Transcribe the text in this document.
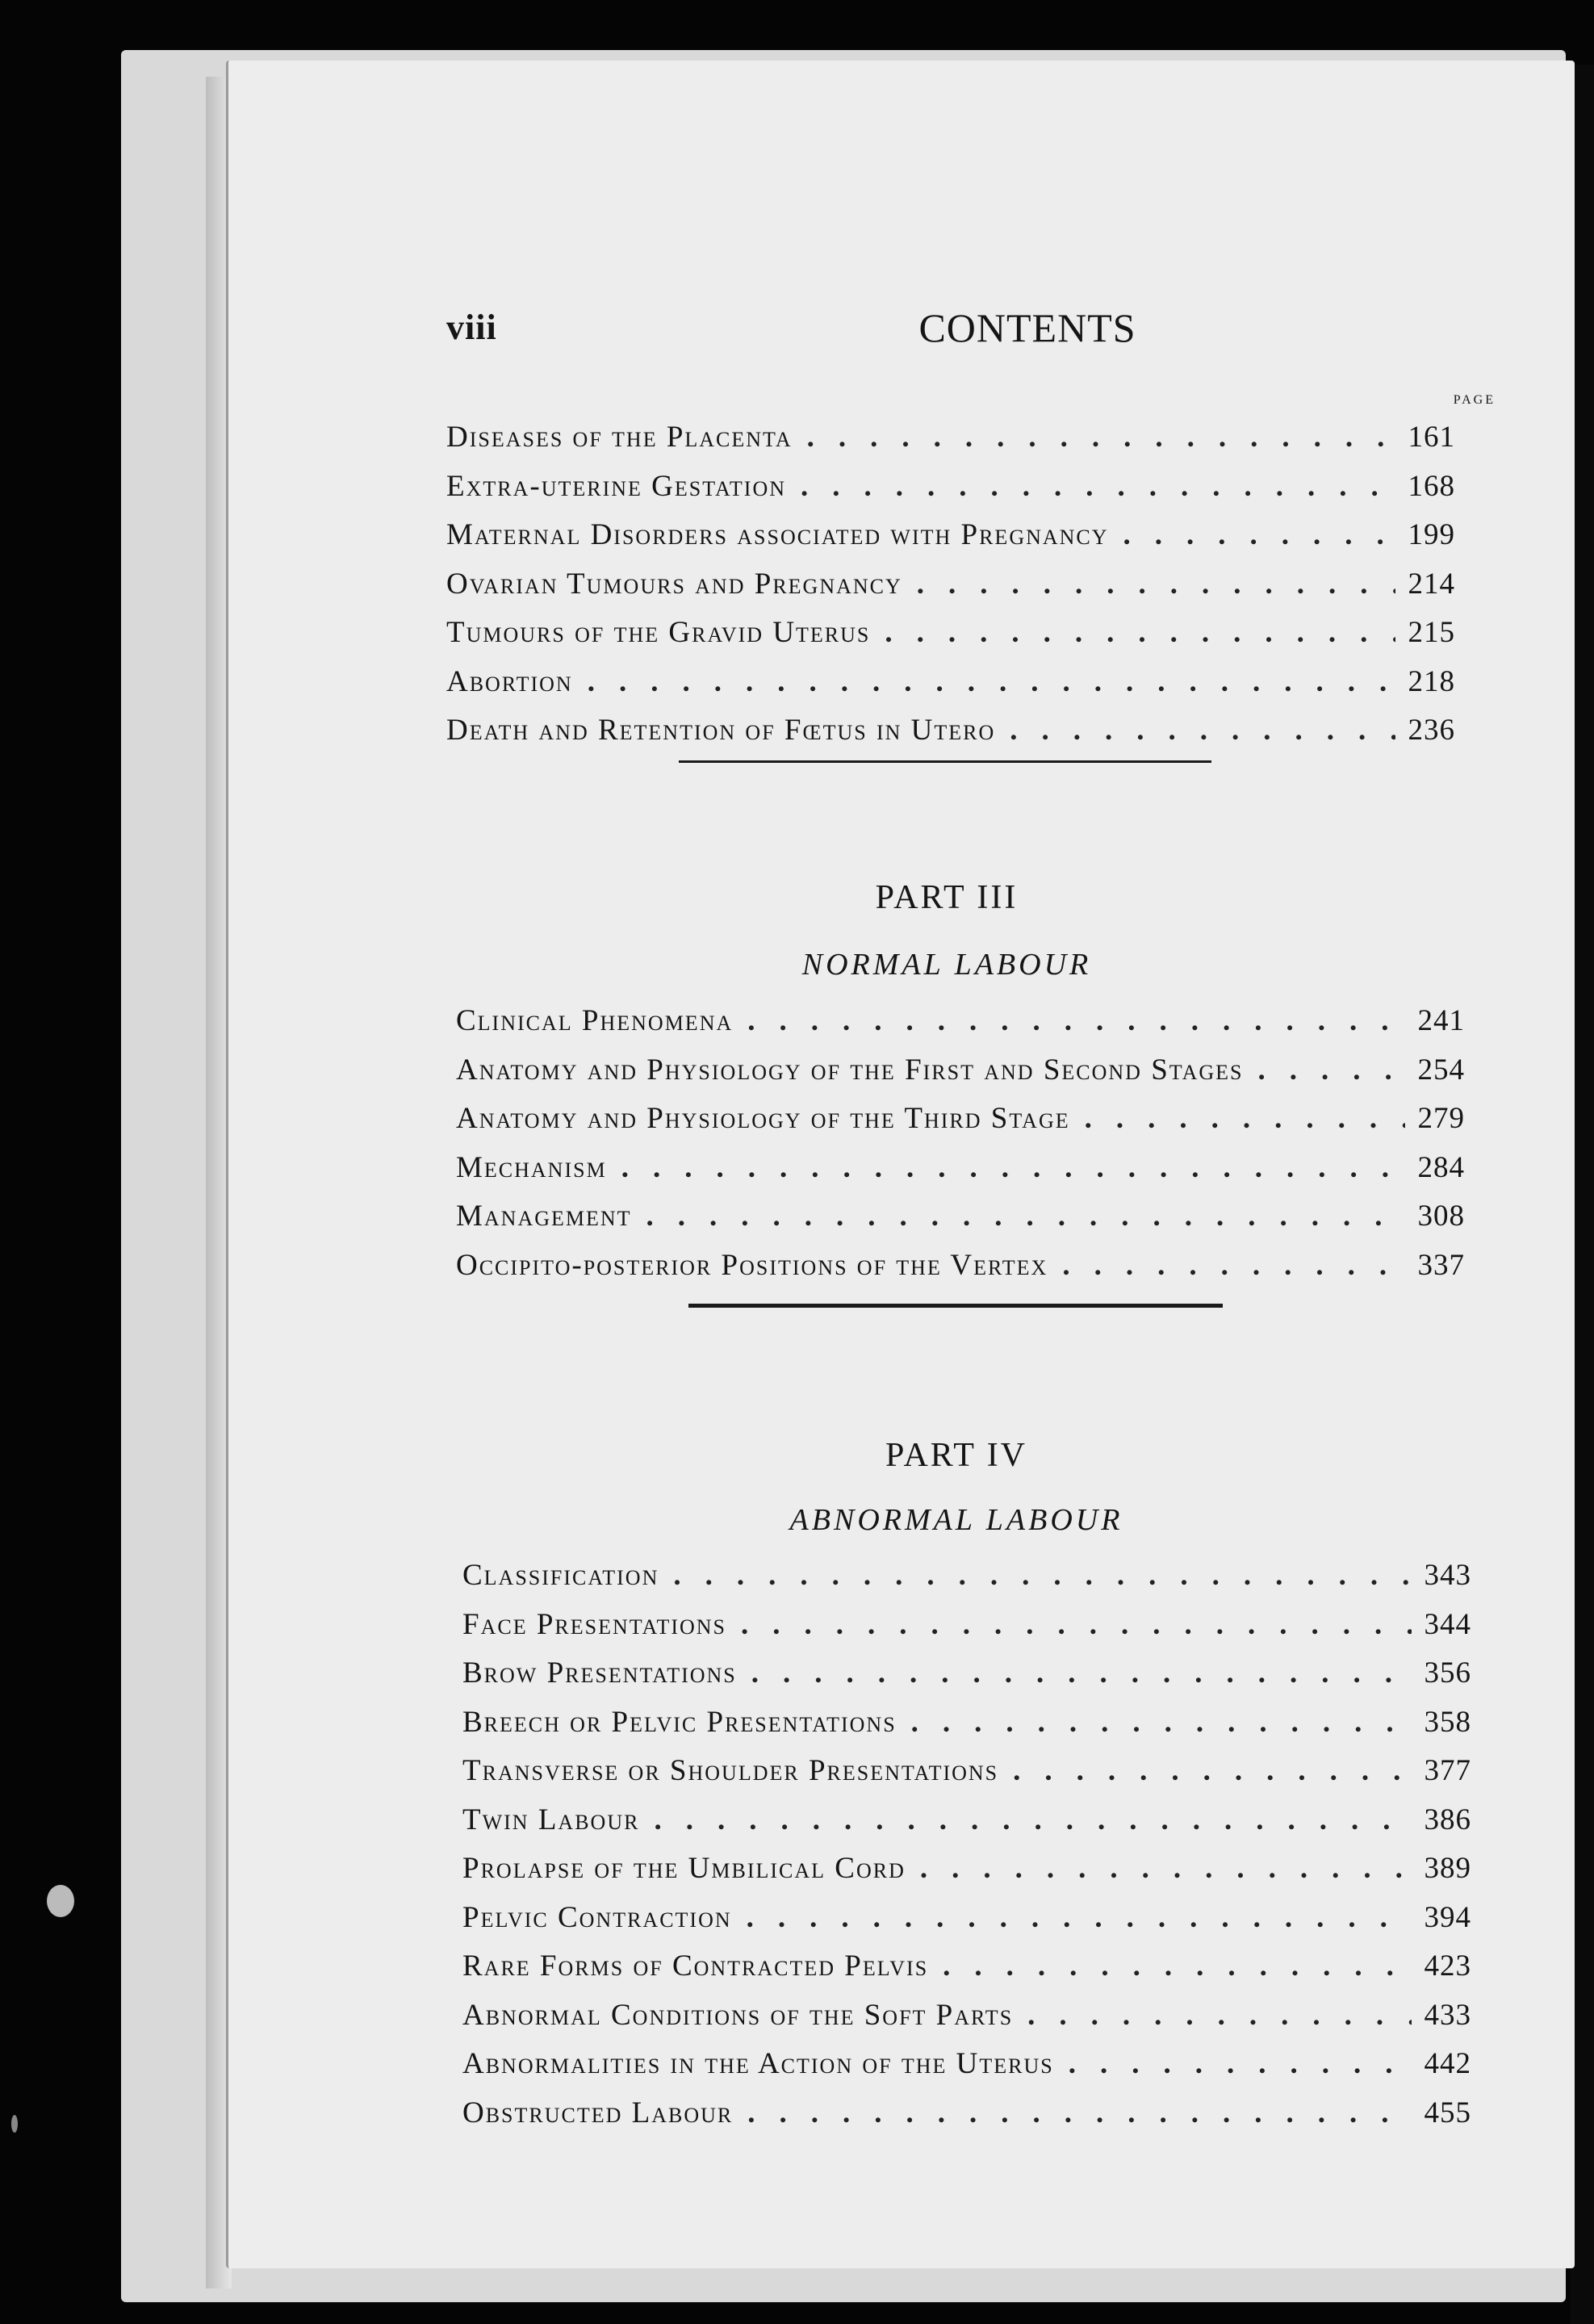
viii	CONTENTS
PAGE
Diseases of the Placenta .....	161
Extra-uterine Gestation .....	168
Maternal Disorders associated with Pregnancy .....	199
Ovarian Tumours and Pregnancy .....	214
Tumours of the Gravid Uterus .....	215
Abortion .....	218
Death and Retention of Fœtus in Utero .....	236
PART III
NORMAL LABOUR
Clinical Phenomena .....	241
Anatomy and Physiology of the First and Second Stages .....	254
Anatomy and Physiology of the Third Stage .....	279
Mechanism .....	284
Management .....	308
Occipito-posterior Positions of the Vertex .....	337
PART IV
ABNORMAL LABOUR
Classification .....	343
Face Presentations .....	344
Brow Presentations .....	356
Breech or Pelvic Presentations .....	358
Transverse or Shoulder Presentations .....	377
Twin Labour .....	386
Prolapse of the Umbilical Cord .....	389
Pelvic Contraction .....	394
Rare Forms of Contracted Pelvis .....	423
Abnormal Conditions of the Soft Parts .....	433
Abnormalities in the Action of the Uterus .....	442
Obstructed Labour .....	455
